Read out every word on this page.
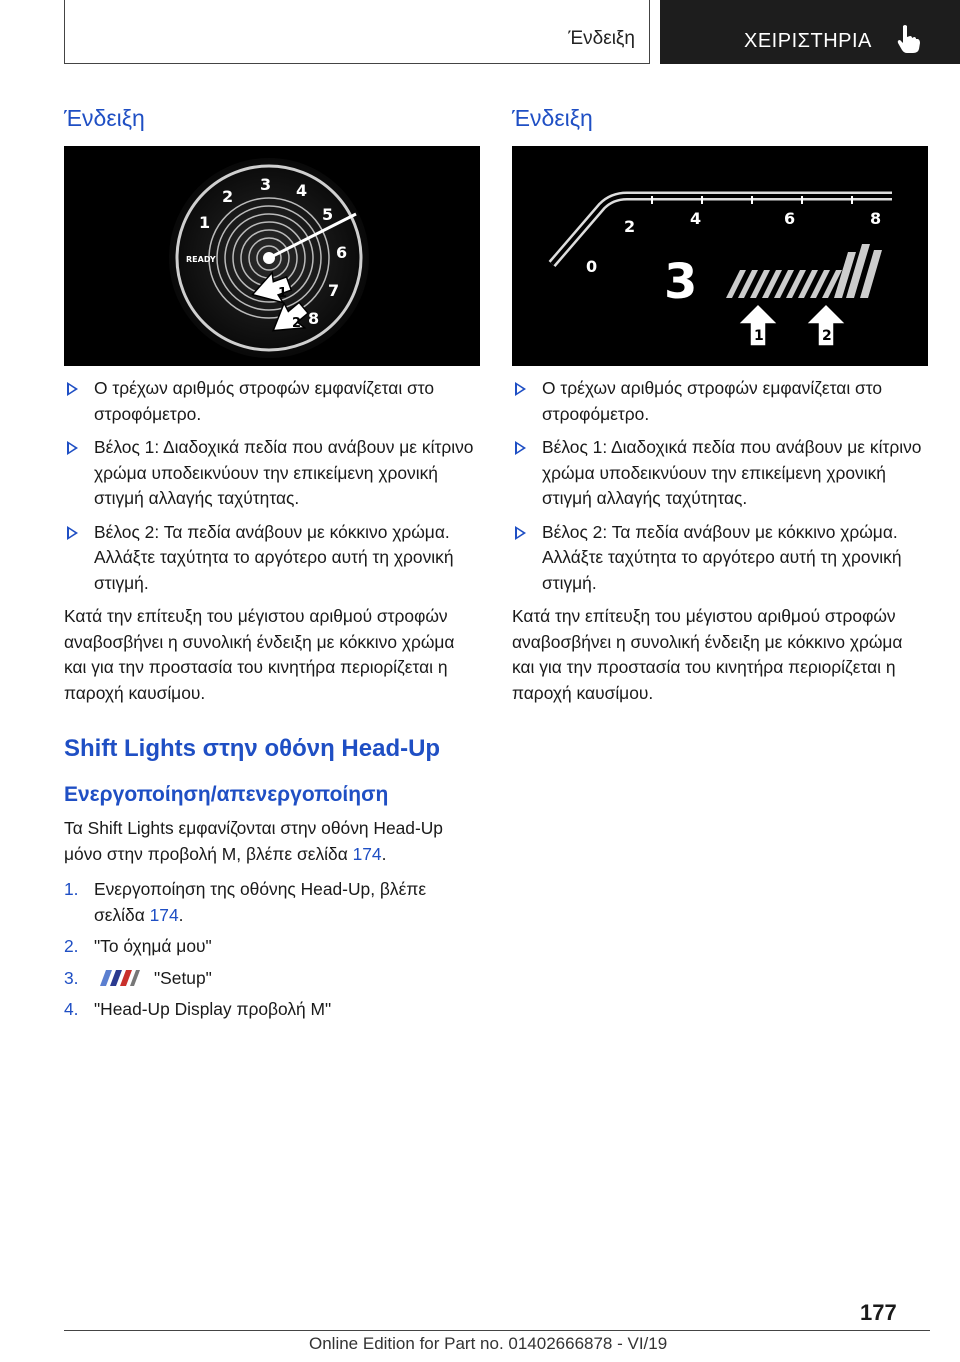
Ένδειξη	ΧΕΙΡΙΣΤΗΡΙΑ
Ένδειξη
1
2
3 4
5
6
7
8
READY
1
2
Ο τρέχων αριθμός στροφών εμφανίζεται στο στροφόμετρο.
Βέλος 1: Διαδοχικά πεδία που ανάβουν με κίτρινο χρώμα υποδεικνύουν την επικείμενη χρονική στιγμή αλλαγής ταχύτητας.
Βέλος 2: Τα πεδία ανάβουν με κόκκινο χρώμα. Αλλάξτε ταχύτητα το αργότερο αυτή τη χρονική στιγμή.

Κατά την επίτευξη του μέγιστου αριθμού στροφών αναβοσβήνει η συνολική ένδειξη με κόκκινο χρώμα και για την προστασία του κινητήρα περιορίζεται η παροχή καυσίμου.

Shift Lights στην οθόνη Head-Up
Ενεργοποίηση/απενεργοποίηση

Τα Shift Lights εμφανίζονται στην οθόνη Head-Up μόνο στην προβολή M, βλέπε σελίδα 174.

1. Ενεργοποίηση της οθόνης Head-Up, βλέπε σελίδα 174.
2. "Το όχημά μου"
3.	"Setup"
4. "Head-Up Display προβολή M"
Ένδειξη
0
2	4	6	8
3
1	2
Ο τρέχων αριθμός στροφών εμφανίζεται στο στροφόμετρο.
Βέλος 1: Διαδοχικά πεδία που ανάβουν με κίτρινο χρώμα υποδεικνύουν την επικείμενη χρονική στιγμή αλλαγής ταχύτητας.
Βέλος 2: Τα πεδία ανάβουν με κόκκινο χρώμα. Αλλάξτε ταχύτητα το αργότερο αυτή τη χρονική στιγμή.

Κατά την επίτευξη του μέγιστου αριθμού στροφών αναβοσβήνει η συνολική ένδειξη με κόκκινο χρώμα και για την προστασία του κινητήρα περιορίζεται η παροχή καυσίμου.

177
Online Edition for Part no. 01402666878 - VI/19
